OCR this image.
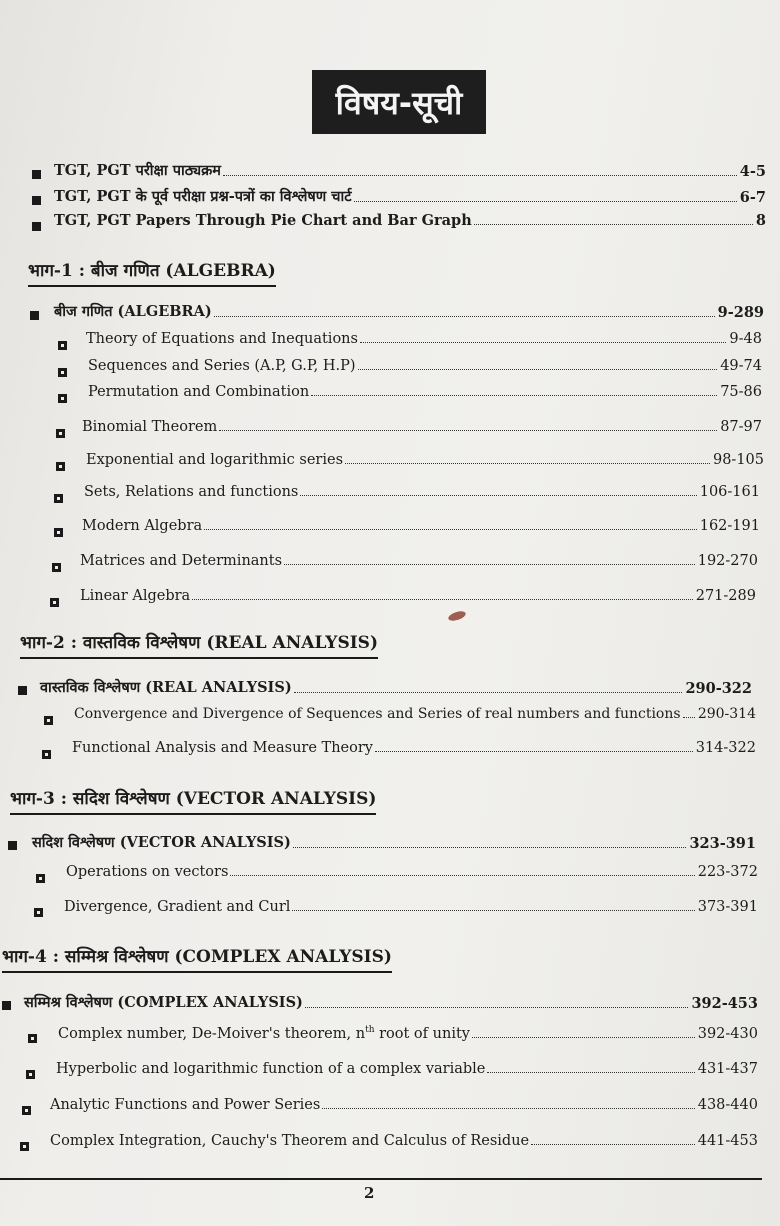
विषय-सूची
TGT, PGT परीक्षा पाठ्यक्रम	4-5
TGT, PGT के पूर्व परीक्षा प्रश्न-पत्रों का विश्लेषण चार्ट	6-7
TGT, PGT Papers Through Pie Chart and Bar Graph	8
भाग-1 : बीज गणित (ALGEBRA)
बीज गणित (ALGEBRA)	9-289
Theory of Equations and Inequations	9-48
Sequences and Series (A.P, G.P, H.P)	49-74
Permutation and Combination	75-86
Binomial Theorem	87-97
Exponential and logarithmic series	98-105
Sets, Relations and functions	106-161
Modern Algebra	162-191
Matrices and Determinants	192-270
Linear Algebra	271-289
भाग-2 : वास्तविक विश्लेषण (REAL ANALYSIS)
वास्तविक विश्लेषण (REAL ANALYSIS)	290-322
Convergence and Divergence of Sequences and Series of real numbers and functions 290-314
Functional Analysis and Measure Theory	314-322
भाग-3 : सदिश विश्लेषण (VECTOR ANALYSIS)
सदिश विश्लेषण (VECTOR ANALYSIS)	323-391
Operations on vectors	223-372
Divergence, Gradient and Curl	373-391
भाग-4 : सम्मिश्र विश्लेषण (COMPLEX ANALYSIS)
सम्मिश्र विश्लेषण (COMPLEX ANALYSIS)	392-453
Complex number, De-Moiver's theorem, $n^{th}$ root of unity	392-430
Hyperbolic and logarithmic function of a complex variable	431-437
Analytic Functions and Power Series	438-440
Complex Integration, Cauchy's Theorem and Calculus of Residue	441-453
2
